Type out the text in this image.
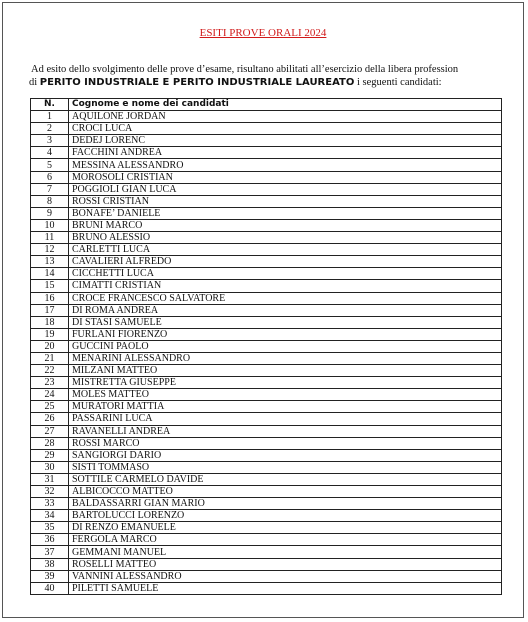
ESITI PROVE ORALI 2024
Ad esito dello svolgimento delle prove d’esame, risultano abilitati all’esercizio della libera profession
di PERITO INDUSTRIALE E PERITO INDUSTRIALE LAUREATO i seguenti candidati:
N.	Cognome e nome dei candidati
1	AQUILONE JORDAN
2	CROCI LUCA
3	DEDEJ LORENC
4	FACCHINI ANDREA
5	MESSINA ALESSANDRO
6	MOROSOLI CRISTIAN
7	POGGIOLI GIAN LUCA
8	ROSSI CRISTIAN
9	BONAFE’ DANIELE
10	BRUNI MARCO
11	BRUNO ALESSIO
12	CARLETTI LUCA
13	CAVALIERI ALFREDO
14	CICCHETTI LUCA
15	CIMATTI CRISTIAN
16	CROCE FRANCESCO SALVATORE
17	DI ROMA ANDREA
18	DI STASI SAMUELE
19	FURLANI FIORENZO
20	GUCCINI PAOLO
21	MENARINI ALESSANDRO
22	MILZANI MATTEO
23	MISTRETTA GIUSEPPE
24	MOLES MATTEO
25	MURATORI MATTIA
26	PASSARINI LUCA
27	RAVANELLI ANDREA
28	ROSSI MARCO
29	SANGIORGI DARIO
30	SISTI TOMMASO
31	SOTTILE CARMELO DAVIDE
32	ALBICOCCO MATTEO
33	BALDASSARRI GIAN MARIO
34	BARTOLUCCI LORENZO
35	DI RENZO EMANUELE
36	FERGOLA MARCO
37	GEMMANI MANUEL
38	ROSELLI MATTEO
39	VANNINI ALESSANDRO
40	PILETTI SAMUELE
